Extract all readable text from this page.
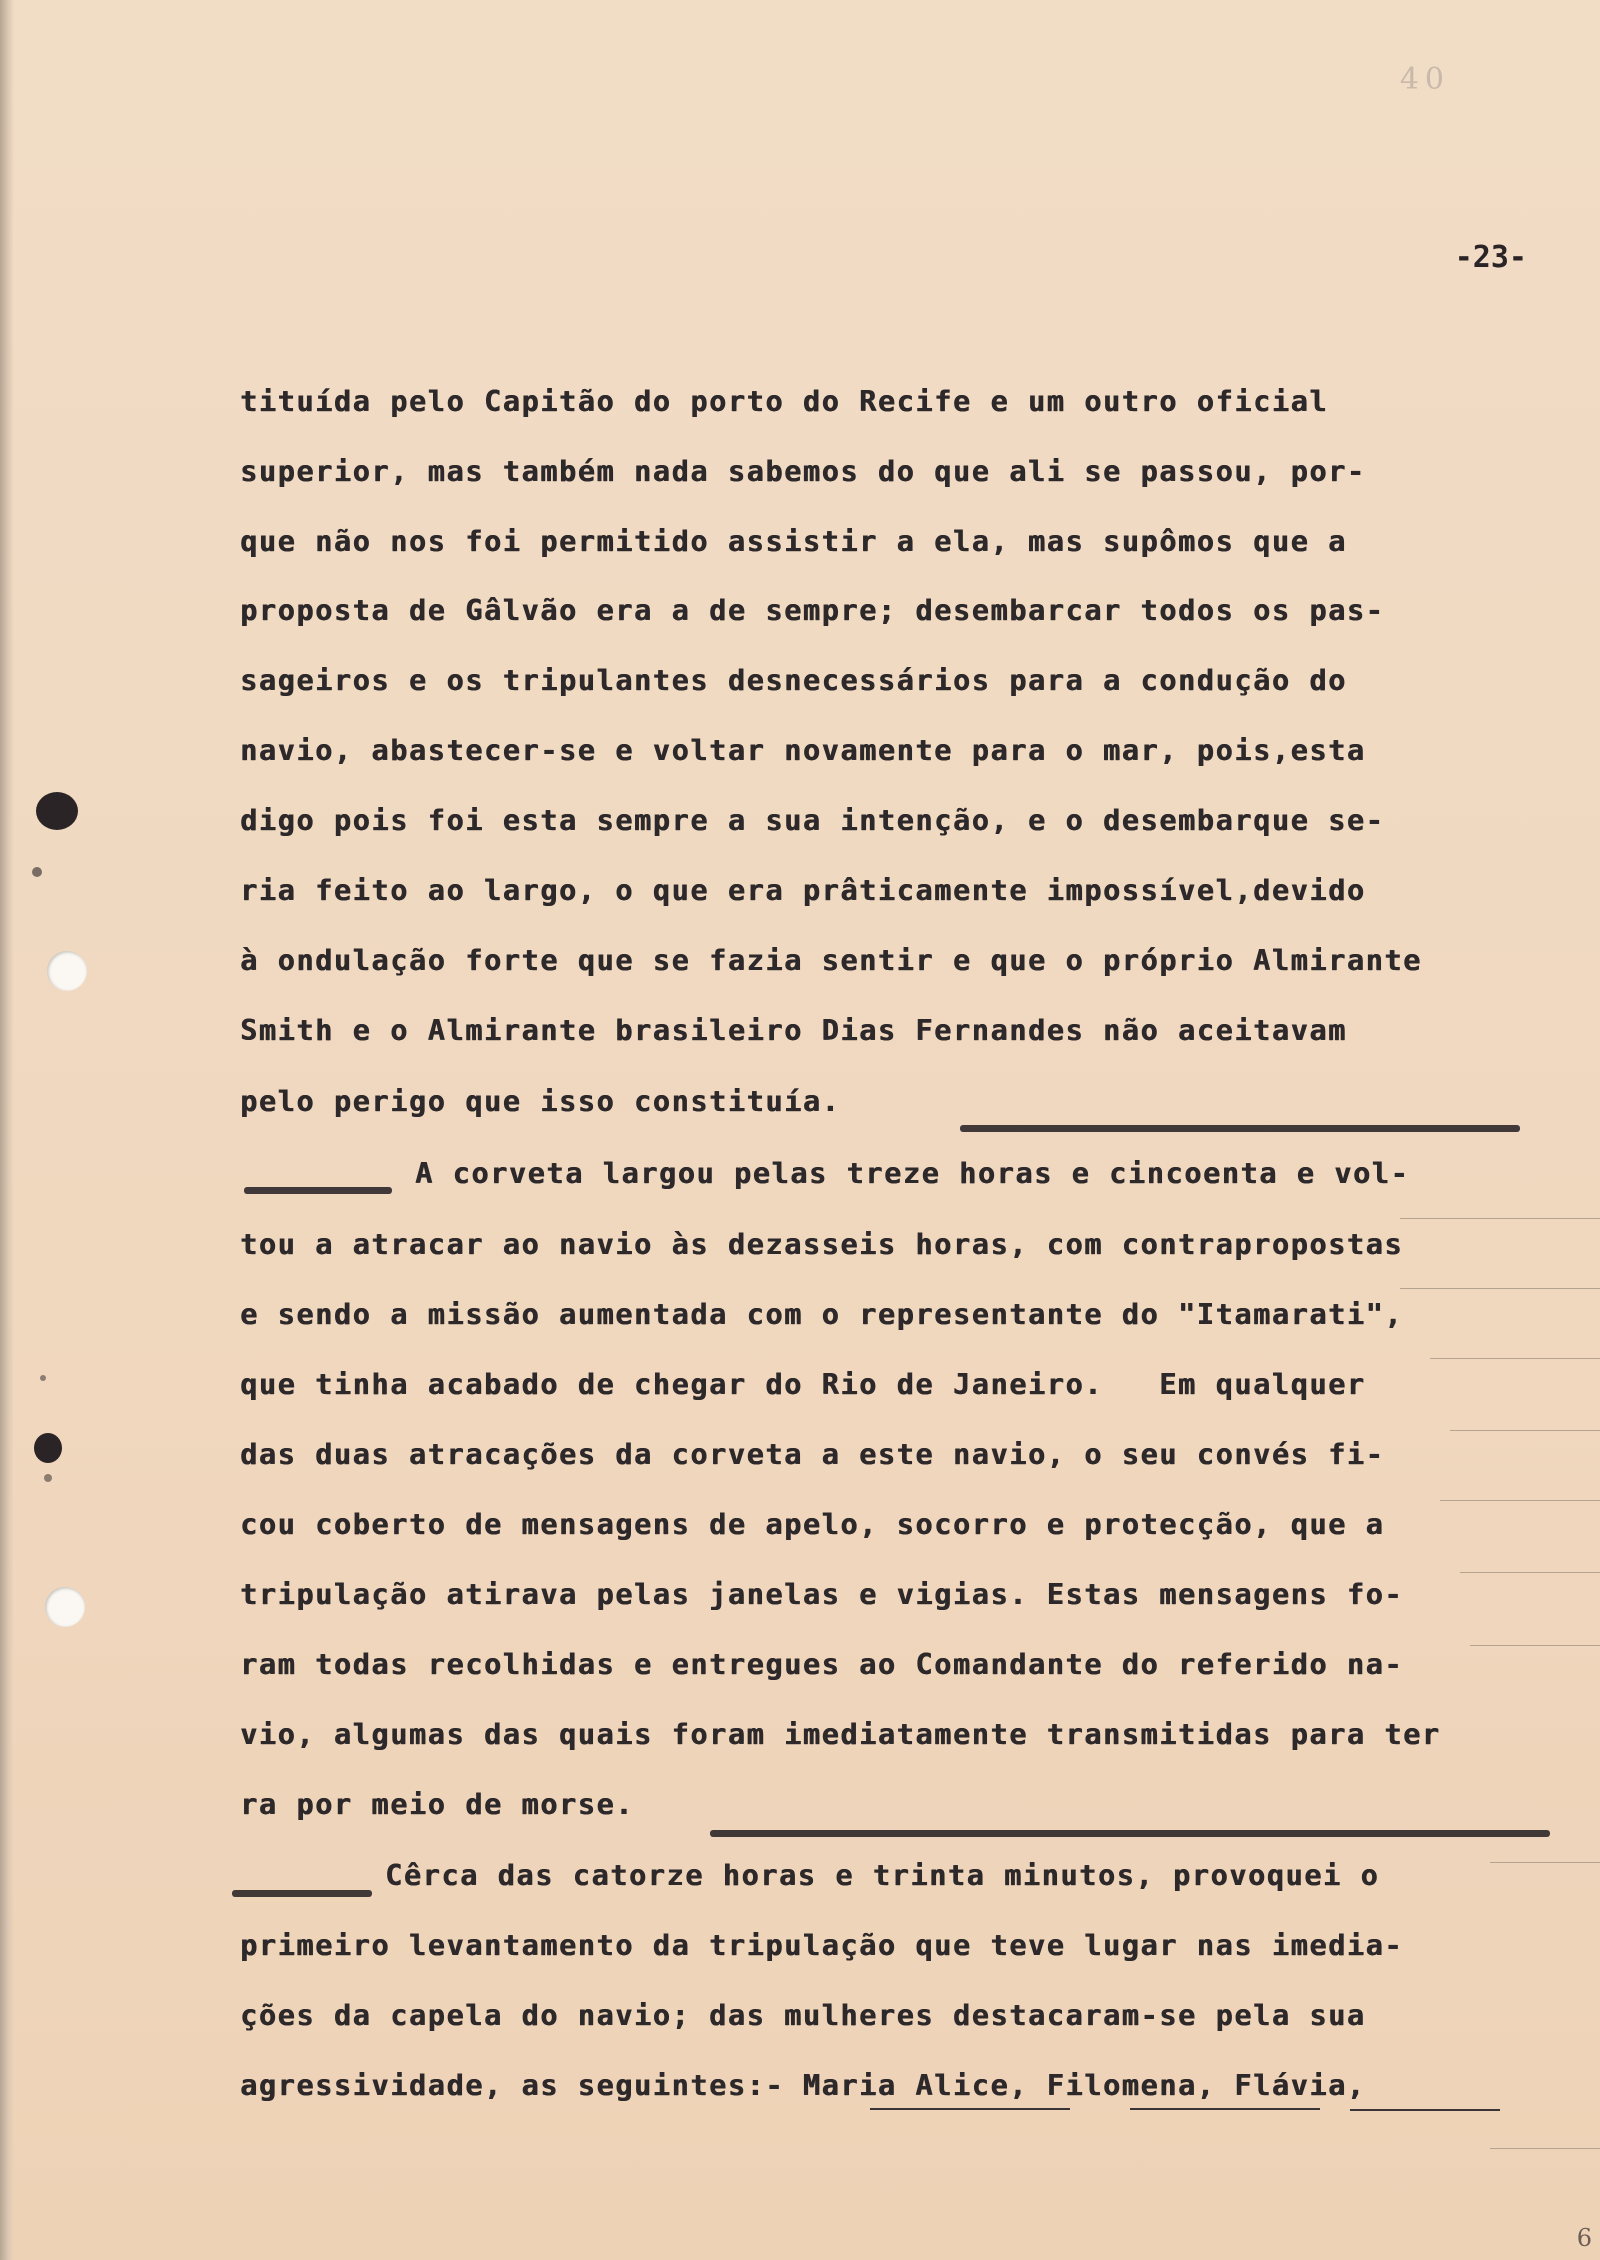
40
-23-
tituída pelo Capitão do porto do Recife e um outro oficial
superior, mas também nada sabemos do que ali se passou, por-
que não nos foi permitido assistir a ela, mas supômos que a
proposta de Gâlvão era a de sempre; desembarcar todos os pas-
sageiros e os tripulantes desnecessários para a condução do
navio, abastecer-se e voltar novamente para o mar, pois,esta
digo pois foi esta sempre a sua intenção, e o desembarque se-
ria feito ao largo, o que era prâticamente impossível,devido
à ondulação forte que se fazia sentir e que o próprio Almirante
Smith e o Almirante brasileiro Dias Fernandes não aceitavam
pelo perigo que isso constituía.
A corveta largou pelas treze horas e cincoenta e vol-
tou a atracar ao navio às dezasseis horas, com contrapropostas
e sendo a missão aumentada com o representante do "Itamarati",
que tinha acabado de chegar do Rio de Janeiro.   Em qualquer
das duas atracações da corveta a este navio, o seu convés fi-
cou coberto de mensagens de apelo, socorro e protecção, que a
tripulação atirava pelas janelas e vigias. Estas mensagens fo-
ram todas recolhidas e entregues ao Comandante do referido na-
vio, algumas das quais foram imediatamente transmitidas para ter
ra por meio de morse.
Cêrca das catorze horas e trinta minutos, provoquei o
primeiro levantamento da tripulação que teve lugar nas imedia-
ções da capela do navio; das mulheres destacaram-se pela sua
agressividade, as seguintes:- Maria Alice, Filomena, Flávia,
6
